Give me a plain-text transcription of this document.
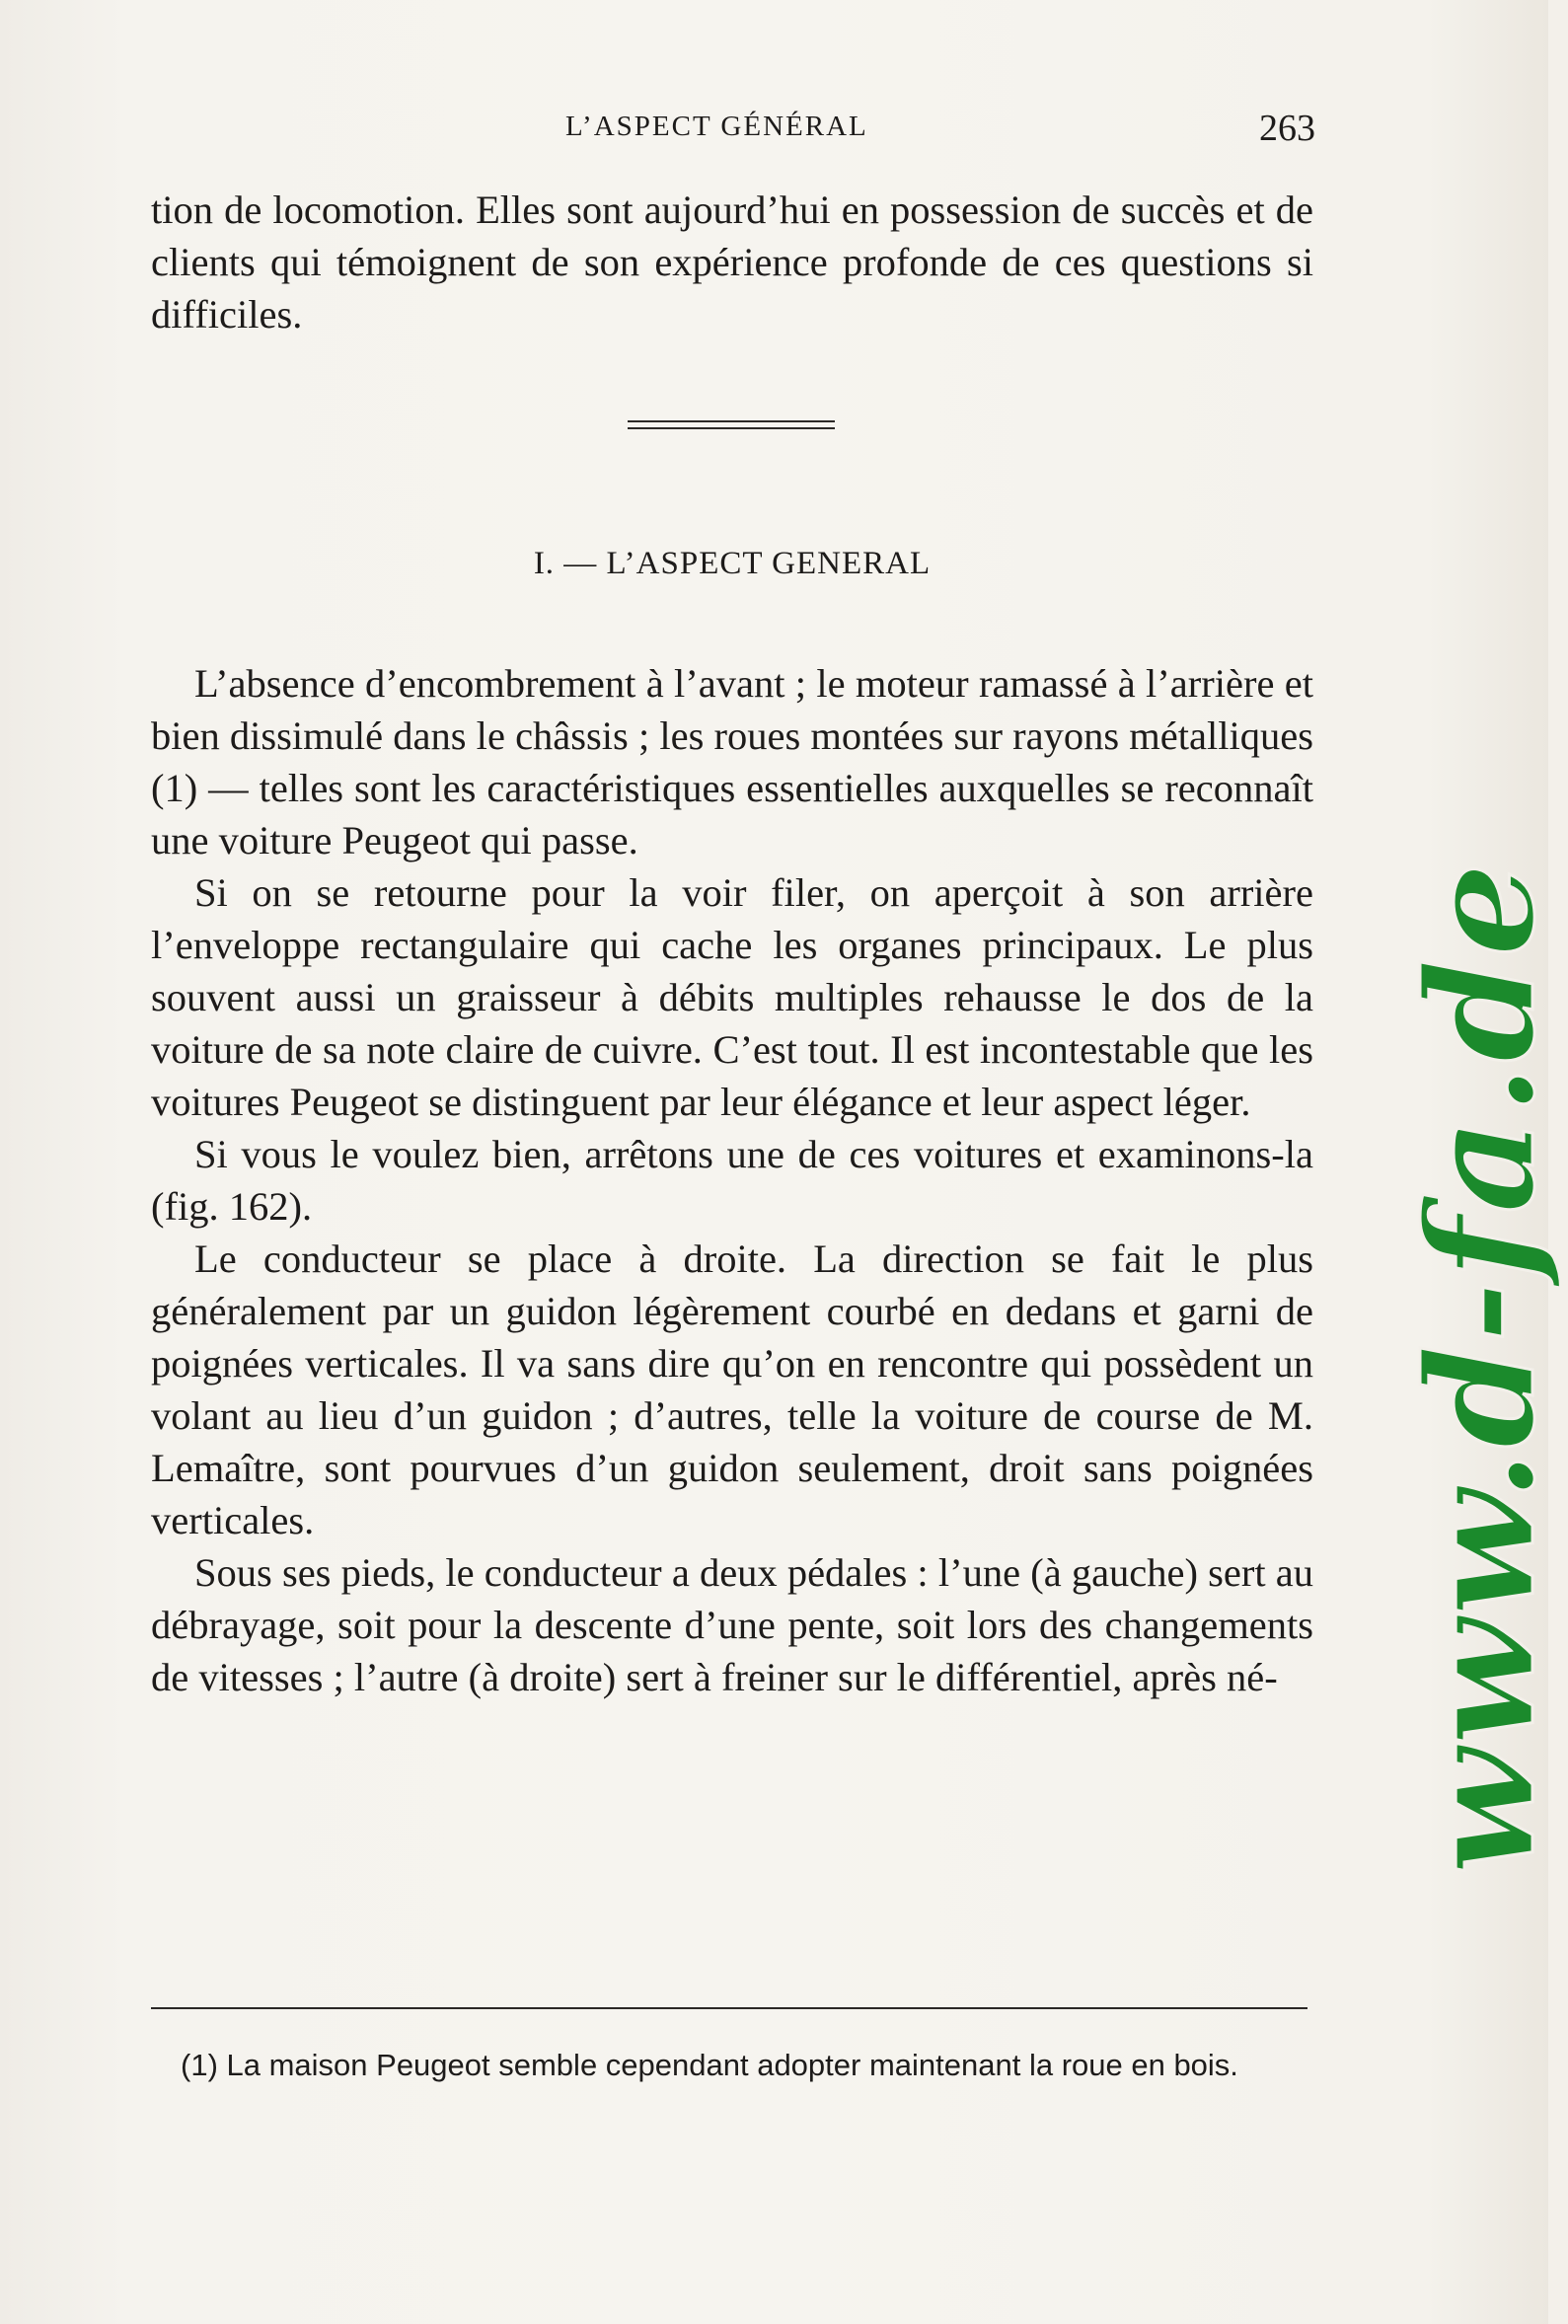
L’ASPECT GÉNÉRAL	263

tion de locomotion. Elles sont aujourd’hui en possession de succès et de clients qui témoignent de son expérience profonde de ces questions si difficiles.

I. — L’ASPECT GENERAL

L’absence d’encombrement à l’avant ; le moteur ramassé à l’arrière et bien dissimulé dans le châssis ; les roues montées sur rayons métalliques (1) — telles sont les caractéristiques essentielles auxquelles se reconnaît une voiture Peugeot qui passe.

Si on se retourne pour la voir filer, on aperçoit à son arrière l’enveloppe rectangulaire qui cache les organes principaux. Le plus souvent aussi un graisseur à débits multiples rehausse le dos de la voiture de sa note claire de cuivre. C’est tout. Il est incontestable que les voitures Peugeot se distinguent par leur élégance et leur aspect léger.

Si vous le voulez bien, arrêtons une de ces voitures et examinons-la (fig. 162).

Le conducteur se place à droite. La direction se fait le plus généralement par un guidon légèrement courbé en dedans et garni de poignées verticales. Il va sans dire qu’on en rencontre qui possèdent un volant au lieu d’un guidon ; d’autres, telle la voiture de course de M. Lemaître, sont pourvues d’un guidon seulement, droit sans poignées verticales.

Sous ses pieds, le conducteur a deux pédales : l’une (à gauche) sert au débrayage, soit pour la descente d’une pente, soit lors des changements de vitesses ; l’autre (à droite) sert à freiner sur le différentiel, après né-

(1) La maison Peugeot semble cependant adopter maintenant la roue en bois.
www.d-fa.de
